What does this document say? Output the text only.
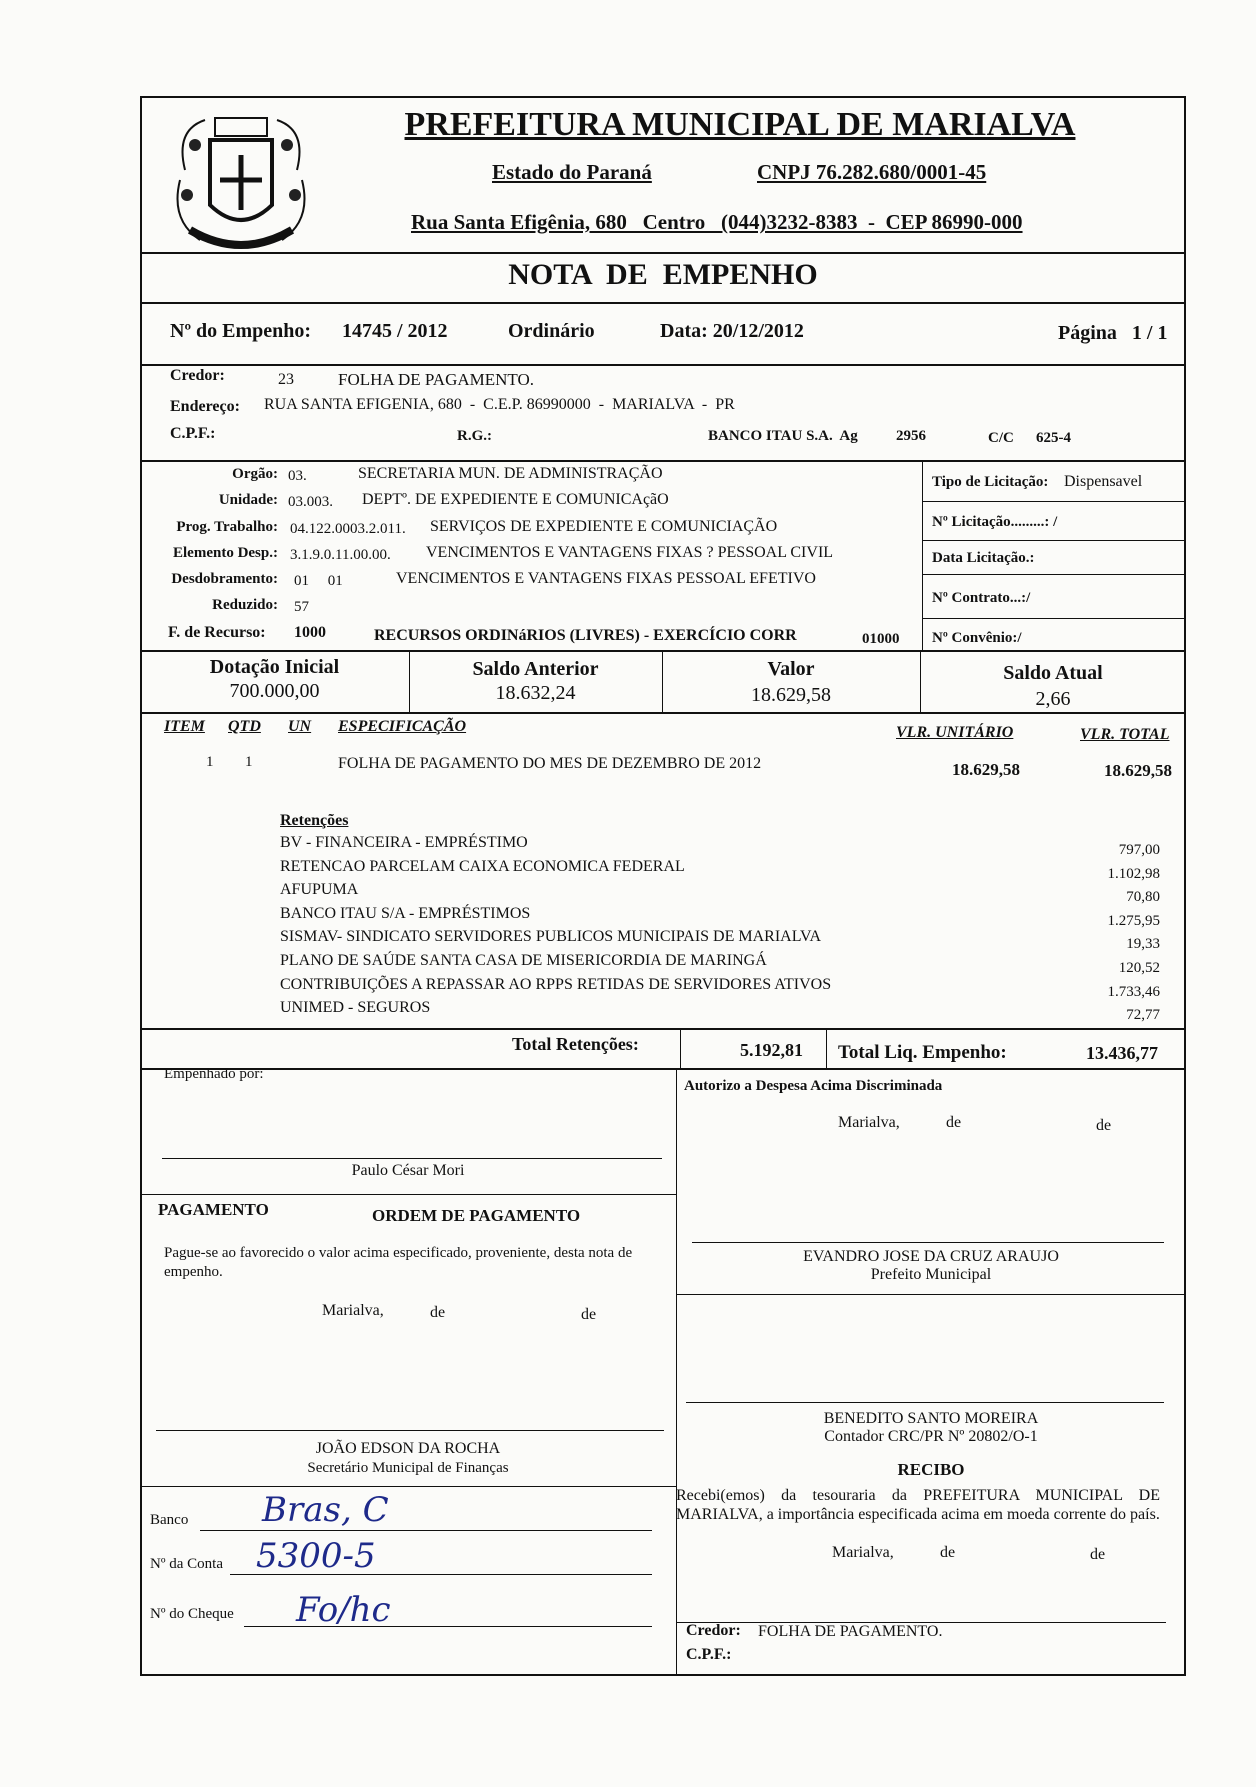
PREFEITURA MUNICIPAL DE MARIALVA
Estado do Paraná	CNPJ 76.282.680/0001-45
Rua Santa Efigênia, 680   Centro   (044)3232-8383  -  CEP 86990-000
NOTA  DE  EMPENHO
Nº do Empenho: 14745 / 2012	Ordinário	Data: 20/12/2012	Página   1 / 1
Credor:	23	FOLHA DE PAGAMENTO.
Endereço: RUA SANTA EFIGENIA, 680  -  C.E.P. 86990000  -  MARIALVA  -  PR
C.P.F.:	R.G.:	BANCO ITAU S.A.  Ag	2956	C/C 625-4
Orgão: 03.	SECRETARIA MUN. DE ADMINISTRAÇÃO
Unidade: 03.003. DEPTº. DE EXPEDIENTE E COMUNICAçãO
Prog. Trabalho: 04.122.0003.2.011. SERVIÇOS DE EXPEDIENTE E COMUNICIAÇÃO
Elemento Desp.: 3.1.9.0.11.00.00. VENCIMENTOS E VANTAGENS FIXAS ? PESSOAL CIVIL
Desdobramento: 01     01	VENCIMENTOS E VANTAGENS FIXAS PESSOAL EFETIVO
Reduzido: 57
F. de Recurso: 1000	RECURSOS ORDINáRIOS (LIVRES) - EXERCÍCIO CORR	01000
Tipo de Licitação: Dispensavel
Nº Licitação.........: /
Data Licitação.:
Nº Contrato...:/
Nº Convênio:/
Dotação Inicial
700.000,00
Saldo Anterior
18.632,24
Valor
18.629,58
Saldo Atual
2,66
ITEM QTD UN ESPECIFICAÇÃO	VLR. UNITÁRIO	VLR. TOTAL
1 1	FOLHA DE PAGAMENTO DO MES DE DEZEMBRO DE 2012	18.629,58	18.629,58
Retenções
BV - FINANCEIRA - EMPRÉSTIMO	797,00
RETENCAO PARCELAM CAIXA ECONOMICA FEDERAL	1.102,98
AFUPUMA	70,80
BANCO ITAU S/A - EMPRÉSTIMOS	1.275,95
SISMAV- SINDICATO SERVIDORES PUBLICOS MUNICIPAIS DE MARIALVA	19,33
PLANO DE SAÚDE SANTA CASA DE MISERICORDIA DE MARINGÁ	120,52
CONTRIBUIÇÕES A REPASSAR AO RPPS RETIDAS DE SERVIDORES ATIVOS	1.733,46
UNIMED - SEGUROS	72,77
Total Retenções:	5.192,81 Total Liq. Empenho:	13.436,77
Empenhado por:
Paulo César Mori
Autorizo a Despesa Acima Discriminada
Marialva,	de	de
PAGAMENTO	ORDEM DE PAGAMENTO
Pague-se ao favorecido o valor acima especificado, proveniente, desta nota de empenho.
Marialva,	de	de
EVANDRO JOSE DA CRUZ ARAUJO
Prefeito Municipal
BENEDITO SANTO MOREIRA
Contador CRC/PR Nº 20802/O-1
RECIBO
Recebi(emos) da tesouraria da PREFEITURA MUNICIPAL DE MARIALVA, a importância especificada acima em moeda corrente do país.
Marialva,	de	de
Credor: FOLHA DE PAGAMENTO.
C.P.F.:
JOÃO EDSON DA ROCHA
Secretário Municipal de Finanças
Banco Bras, C
Nº da Conta 5300-5
Nº do Cheque Fo/hc
